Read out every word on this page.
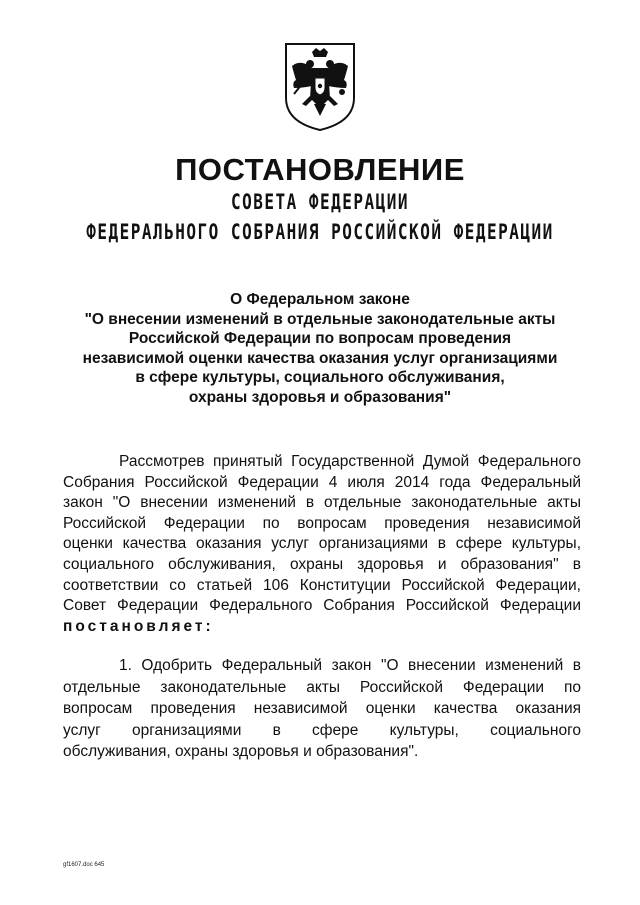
ПОСТАНОВЛЕНИЕ
СОВЕТА ФЕДЕРАЦИИ
ФЕДЕРАЛЬНОГО СОБРАНИЯ РОССИЙСКОЙ ФЕДЕРАЦИИ
О Федеральном законе
"О внесении изменений в отдельные законодательные акты
Российской Федерации по вопросам проведения
независимой оценки качества оказания услуг организациями
в сфере культуры, социального обслуживания,
охраны здоровья и образования"
Рассмотрев принятый Государственной Думой Федерального
Собрания Российской Федерации 4 июля 2014 года Федеральный
закон "О внесении изменений в отдельные законодательные акты
Российской Федерации по вопросам проведения независимой
оценки качества оказания услуг организациями в сфере культуры,
социального обслуживания, охраны здоровья и образования" в
соответствии со статьей 106 Конституции Российской Федерации,
Совет Федерации Федерального Собрания Российской Федерации
постановляет:
1. Одобрить Федеральный закон "О внесении изменений в
отдельные законодательные акты Российской Федерации по
вопросам проведения независимой оценки качества оказания
услуг организациями в сфере культуры, социального
обслуживания, охраны здоровья и образования".
gf1607.doc 645
